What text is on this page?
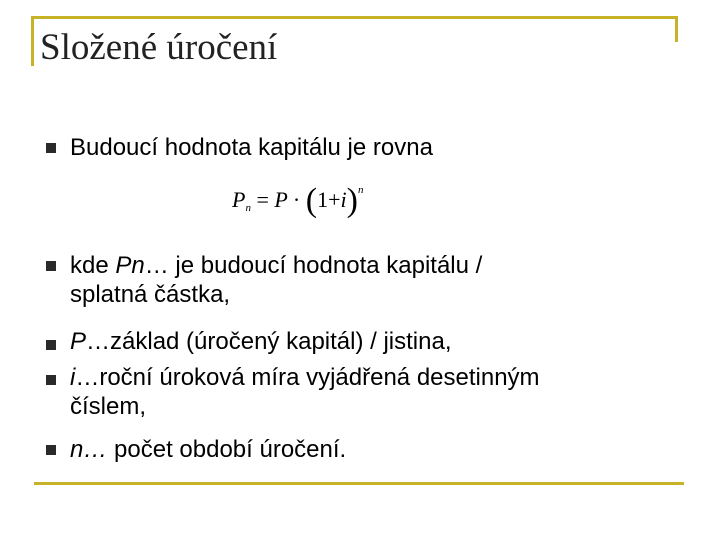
Složené úročení
Budoucí hodnota kapitálu je rovna
$P_n = P \cdot (1+i)^n$
kde Pn… je budoucí hodnota kapitálu /
splatná částka,
P…základ (úročený kapitál) / jistina,
i…roční úroková míra vyjádřená desetinným
číslem,
n… počet období úročení.
